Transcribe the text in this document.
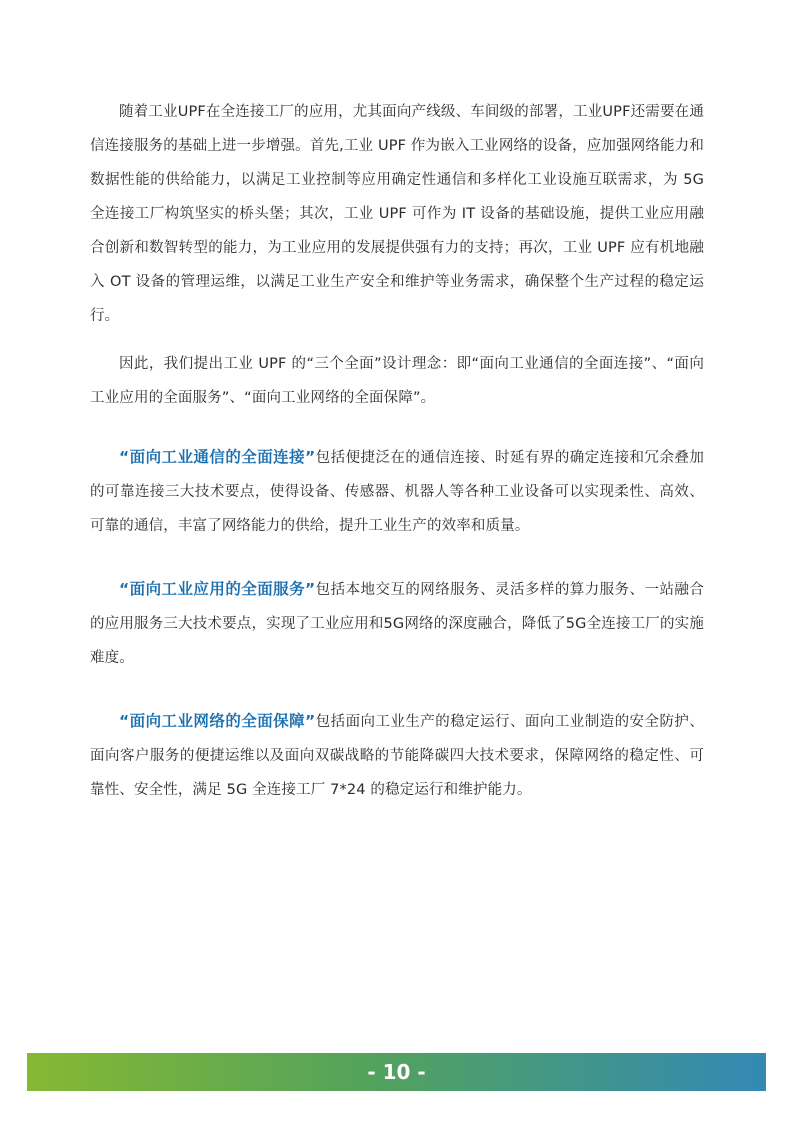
随着工业UPF在全连接工厂的应用，尤其面向产线级、车间级的部署，工业UPF还需要在通信连接服务的基础上进一步增强。首先,工业 UPF 作为嵌入工业网络的设备，应加强网络能力和数据性能的供给能力，以满足工业控制等应用确定性通信和多样化工业设施互联需求，为 5G 全连接工厂构筑坚实的桥头堡；其次，工业 UPF 可作为 IT 设备的基础设施，提供工业应用融合创新和数智转型的能力，为工业应用的发展提供强有力的支持；再次，工业 UPF 应有机地融入 OT 设备的管理运维，以满足工业生产安全和维护等业务需求，确保整个生产过程的稳定运行。

因此，我们提出工业 UPF 的“三个全面”设计理念：即“面向工业通信的全面连接”、“面向工业应用的全面服务”、“面向工业网络的全面保障”。

“面向工业通信的全面连接”包括便捷泛在的通信连接、时延有界的确定连接和冗余叠加的可靠连接三大技术要点，使得设备、传感器、机器人等各种工业设备可以实现柔性、高效、可靠的通信，丰富了网络能力的供给，提升工业生产的效率和质量。

“面向工业应用的全面服务”包括本地交互的网络服务、灵活多样的算力服务、一站融合的应用服务三大技术要点，实现了工业应用和5G网络的深度融合，降低了5G全连接工厂的实施难度。

“面向工业网络的全面保障”包括面向工业生产的稳定运行、面向工业制造的安全防护、面向客户服务的便捷运维以及面向双碳战略的节能降碳四大技术要求，保障网络的稳定性、可靠性、安全性，满足 5G 全连接工厂 7*24 的稳定运行和维护能力。

- 10 -
